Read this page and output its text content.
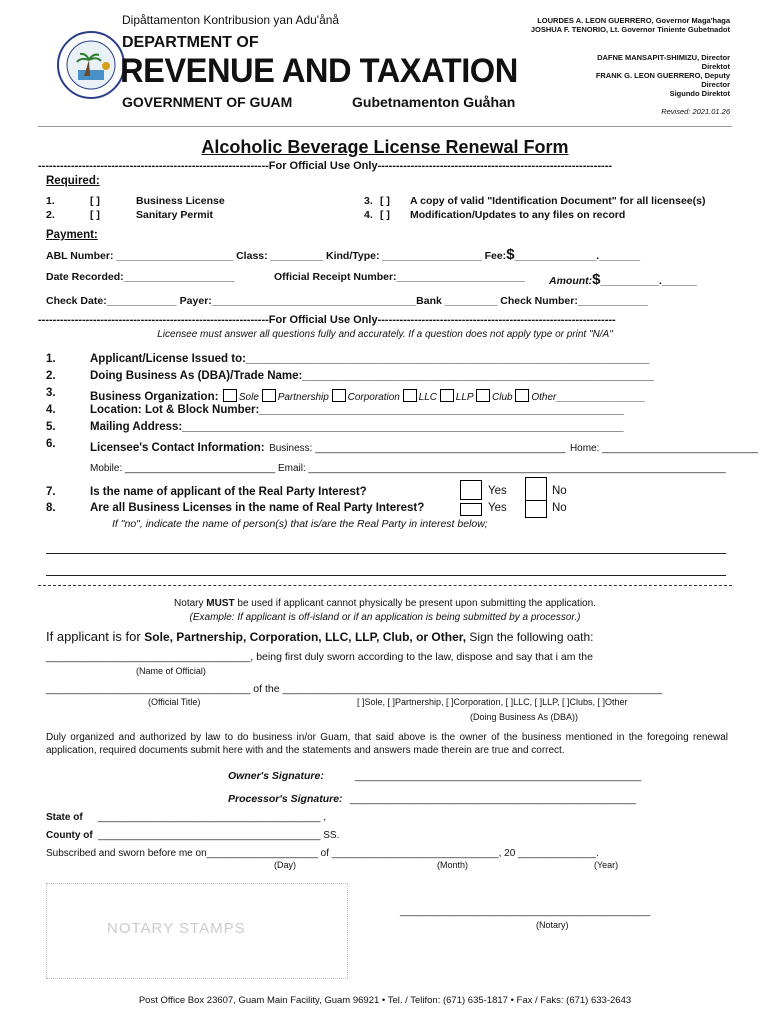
Dipåttamenton Kontribusion yan Adu'ånå
DEPARTMENT OF
REVENUE AND TAXATION
GOVERNMENT OF GUAM	Gubetnamenton Guåhan
LOURDES A. LEON GUERRERO, Governor Maga'haga
JOSHUA F. TENORIO, Lt. Governor Tiniente Gubetnadot
DAFNE MANSAPIT-SHIMIZU, Director
Direktot
FRANK G. LEON GUERRERO, Deputy
Director
Sigundo Direktot
Revised: 2021.01.26
Alcoholic Beverage License Renewal Form
---------------------------------------------------------------For Official Use Only----------------------------------------------------------------
Required:
1.	[ ]	Business License
2.	[ ]	Sanitary Permit
3. [ ] A copy of valid "Identification Document" for all licensee(s)
4. [ ] Modification/Updates to any files on record
Payment:
ABL Number: ____________________ Class: _________ Kind/Type: _________________ Fee:$______________._______
Date Recorded:___________________	Official Receipt Number:______________________ Amount:$__________.______
Check Date:____________ Payer:___________________________________Bank _________ Check Number:____________
---------------------------------------------------------------For Official Use Only-----------------------------------------------------------------
Licensee must answer all questions fully and accurately. If a question does not apply type or print "N/A"
1.	Applicant/License Issued to:_______________________________________________________________
2.	Doing Business As (DBA)/Trade Name:_______________________________________________________
3.	Business Organization: Sole Partnership Corporation LLC LLP Club Other________________
4.	Location: Lot & Block Number:_________________________________________________________
5.	Mailing Address:_____________________________________________________________________
6.	Licensee's Contact Information: Business: _____________________________________________ Home: ____________________________
Mobile: ___________________________ Email: ___________________________________________________________________________
7.	Is the name of applicant of the Real Party Interest?
8.	Are all Business Licenses in the name of Real Party Interest?
Yes	No
Yes	No
If "no", indicate the name of person(s) that is/are the Real Party in interest below;
Notary MUST be used if applicant cannot physically be present upon submitting the application.
(Example: If applicant is off-island or if an application is being submitted by a processor.)
If applicant is for Sole, Partnership, Corporation, LLC, LLP, Club, or Other, Sign the following oath:
___________________________________, being first duly sworn according to the law, dispose and say that i am the
(Name of Official)
___________________________________ of the _________________________________________________________________
(Official Title)	[ ]Sole, [ ]Partnership, [ ]Corporation, [ ]LLC, [ ]LLP, [ ]Clubs, [ ]Other
(Doing Business As (DBA))
Duly organized and authorized by law to do business in/or Guam, that said above is the owner of the business mentioned in the foregoing renewal application, required documents submit here with and the statements and answers made therein are true and correct.
Owner's Signature:	_________________________________________________
Processor's Signature: _________________________________________________
State of ________________________________________ ,
County of ________________________________________ SS.
Subscribed and sworn before me on____________________ of ______________________________, 20 ______________.
(Day)	(Month)	(Year)
NOTARY STAMPS
_____________________________________________
(Notary)
Post Office Box 23607, Guam Main Facility, Guam 96921 • Tel. / Telifon: (671) 635-1817 • Fax / Faks: (671) 633-2643
